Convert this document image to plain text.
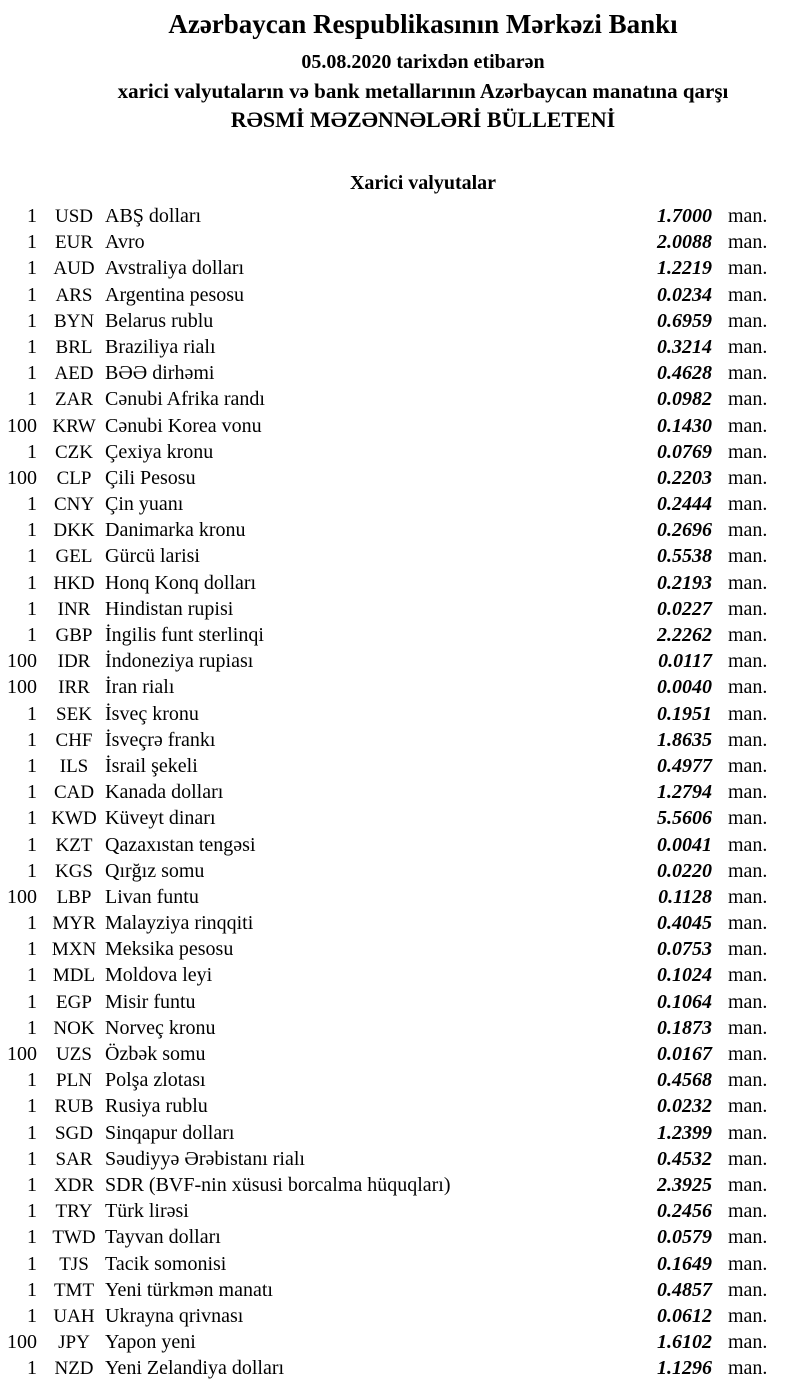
Azərbaycan Respublikasının Mərkəzi Bankı
05.08.2020 tarixdən etibarən
xarici valyutaların və bank metallarının Azərbaycan manatına qarşı
RƏSMİ MƏZƏNNƏLƏRİ BÜLLETENİ
Xarici valyutalar
1 USD ABŞ dolları	1.7000 man.
1 EUR Avro	2.0088 man.
1 AUD Avstraliya dolları	1.2219 man.
1 ARS Argentina pesosu	0.0234 man.
1 BYN Belarus rublu	0.6959 man.
1 BRL Braziliya rialı	0.3214 man.
1 AED BƏƏ dirhəmi	0.4628 man.
1 ZAR Cənubi Afrika randı	0.0982 man.
100 KRW Cənubi Korea vonu	0.1430 man.
1 CZK Çexiya kronu	0.0769 man.
100	CLP Çili Pesosu	0.2203 man.
1 CNY Çin yuanı	0.2444 man.
1 DKK Danimarka kronu	0.2696 man.
1 GEL Gürcü larisi	0.5538 man.
1 HKD Honq Konq dolları	0.2193 man.
1	INR Hindistan rupisi	0.0227 man.
1 GBP İngilis funt sterlinqi	2.2262 man.
100	IDR İndoneziya rupiası	0.0117 man.
100	IRR İran rialı	0.0040 man.
1	SEK İsveç kronu	0.1951 man.
1 CHF İsveçrə frankı	1.8635 man.
1	ILS İsrail şekeli	0.4977 man.
1 CAD Kanada dolları	1.2794 man.
1 KWD Küveyt dinarı	5.5606 man.
1 KZT Qazaxıstan tengəsi	0.0041 man.
1 KGS Qırğız somu	0.0220 man.
100	LBP Livan funtu	0.1128 man.
1 MYR Malayziya rinqqiti	0.4045 man.
1 MXN Meksika pesosu	0.0753 man.
1 MDL Moldova leyi	0.1024 man.
1	EGP Misir funtu	0.1064 man.
1 NOK Norveç kronu	0.1873 man.
100	UZS Özbək somu	0.0167 man.
1	PLN Polşa zlotası	0.4568 man.
1 RUB Rusiya rublu	0.0232 man.
1 SGD Sinqapur dolları	1.2399 man.
1 SAR Səudiyyə Ərəbistanı rialı	0.4532 man.
1 XDR SDR (BVF-nin xüsusi borcalma hüquqları)	2.3925 man.
1 TRY Türk lirəsi	0.2456 man.
1 TWD Tayvan dolları	0.0579 man.
1	TJS Tacik somonisi	0.1649 man.
1 TMT Yeni türkmən manatı	0.4857 man.
1 UAH Ukrayna qrivnası	0.0612 man.
100	JPY Yapon yeni	1.6102 man.
1 NZD Yeni Zelandiya dolları	1.1296 man.
